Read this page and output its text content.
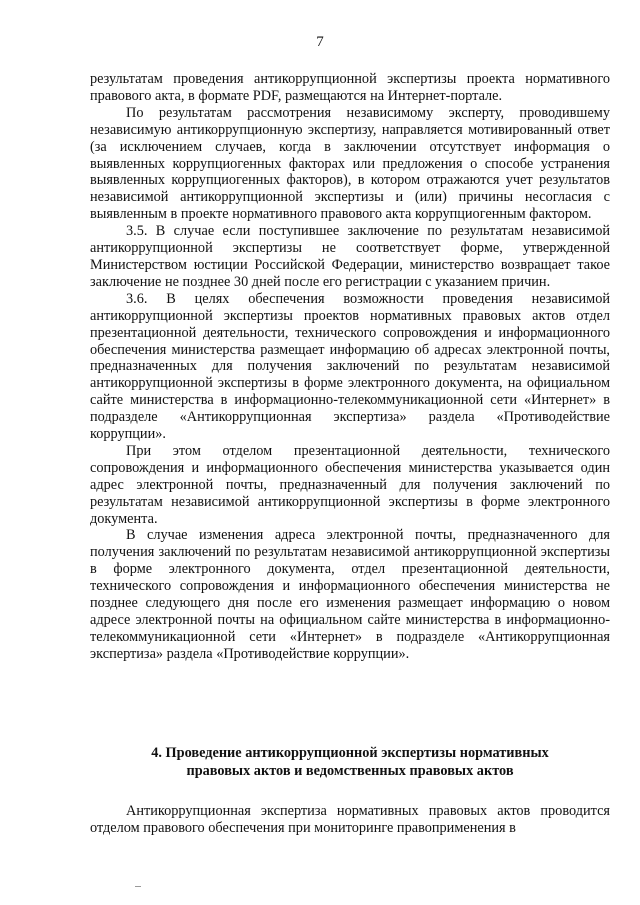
7

результатам проведения антикоррупционной экспертизы проекта нормативного правового акта, в формате PDF, размещаются на Интернет-портале.

По результатам рассмотрения независимому эксперту, проводившему независимую антикоррупционную экспертизу, направляется мотивированный ответ (за исключением случаев, когда в заключении отсутствует информация о выявленных коррупциогенных факторах или предложения о способе устранения выявленных коррупциогенных факторов), в котором отражаются учет результатов независимой антикоррупционной экспертизы и (или) причины несогласия с выявленным в проекте нормативного правового акта коррупциогенным фактором.

3.5. В случае если поступившее заключение по результатам независимой антикоррупционной экспертизы не соответствует форме, утвержденной Министерством юстиции Российской Федерации, министерство возвращает такое заключение не позднее 30 дней после его регистрации с указанием причин.

3.6. В целях обеспечения возможности проведения независимой антикоррупционной экспертизы проектов нормативных правовых актов отдел презентационной деятельности, технического сопровождения и информационного обеспечения министерства размещает информацию об адресах электронной почты, предназначенных для получения заключений по результатам независимой антикоррупционной экспертизы в форме электронного документа, на официальном сайте министерства в информационно-телекоммуникационной сети «Интернет» в подразделе «Антикоррупционная экспертиза» раздела «Противодействие коррупции».

При этом отделом презентационной деятельности, технического сопровождения и информационного обеспечения министерства указывается один адрес электронной почты, предназначенный для получения заключений по результатам независимой антикоррупционной экспертизы в форме электронного документа.

В случае изменения адреса электронной почты, предназначенного для получения заключений по результатам независимой антикоррупционной экспертизы в форме электронного документа, отдел презентационной деятельности, технического сопровождения и информационного обеспечения министерства не позднее следующего дня после его изменения размещает информацию о новом адресе электронной почты на официальном сайте министерства в информационно-телекоммуникационной сети «Интернет» в подразделе «Антикоррупционная экспертиза» раздела «Противодействие коррупции».

4. Проведение антикоррупционной экспертизы нормативных
правовых актов и ведомственных правовых актов

Антикоррупционная экспертиза нормативных правовых актов проводится отделом правового обеспечения при мониторинге правоприменения в
